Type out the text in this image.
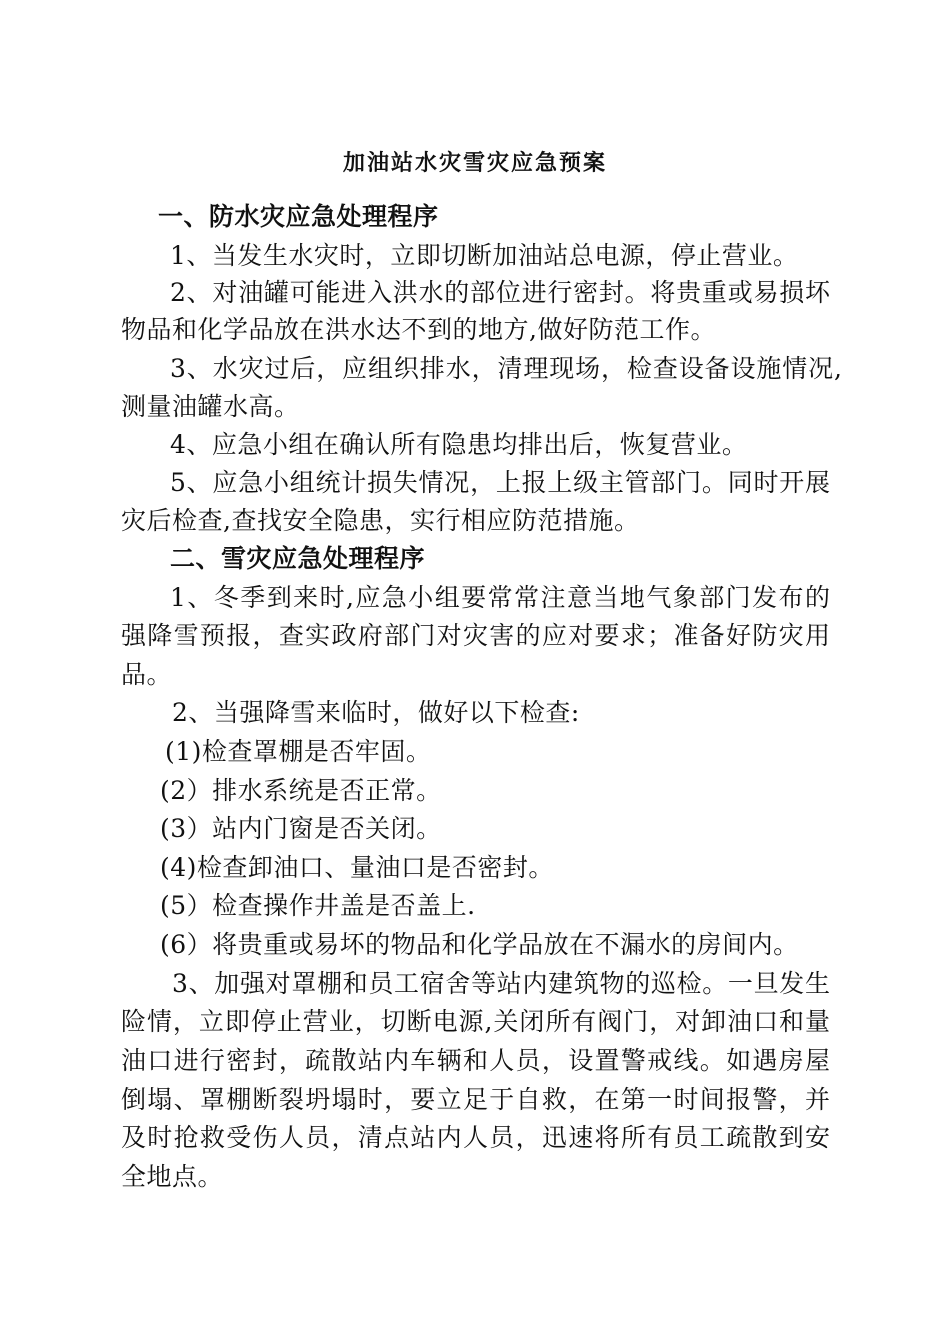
加油站水灾雪灾应急预案
一、防水灾应急处理程序
1、当发生水灾时，立即切断加油站总电源，停止营业。
2、对油罐可能进入洪水的部位进行密封。将贵重或易损坏
物品和化学品放在洪水达不到的地方,做好防范工作。
3、水灾过后，应组织排水，清理现场，检查设备设施情况,
测量油罐水高。
4、应急小组在确认所有隐患均排出后，恢复营业。
5、应急小组统计损失情况，上报上级主管部门。同时开展
灾后检查,查找安全隐患，实行相应防范措施。
二、雪灾应急处理程序
1、冬季到来时,应急小组要常常注意当地气象部门发布的
强降雪预报，查实政府部门对灾害的应对要求；准备好防灾用
品。
2、当强降雪来临时，做好以下检查:
(1)检查罩棚是否牢固。
(2）排水系统是否正常。
(3）站内门窗是否关闭。
(4)检查卸油口、量油口是否密封。
(5）检查操作井盖是否盖上.
(6）将贵重或易坏的物品和化学品放在不漏水的房间内。
3、加强对罩棚和员工宿舍等站内建筑物的巡检。一旦发生
险情，立即停止营业，切断电源,关闭所有阀门，对卸油口和量
油口进行密封，疏散站内车辆和人员，设置警戒线。如遇房屋
倒塌、罩棚断裂坍塌时，要立足于自救，在第一时间报警，并
及时抢救受伤人员，清点站内人员，迅速将所有员工疏散到安
全地点。
